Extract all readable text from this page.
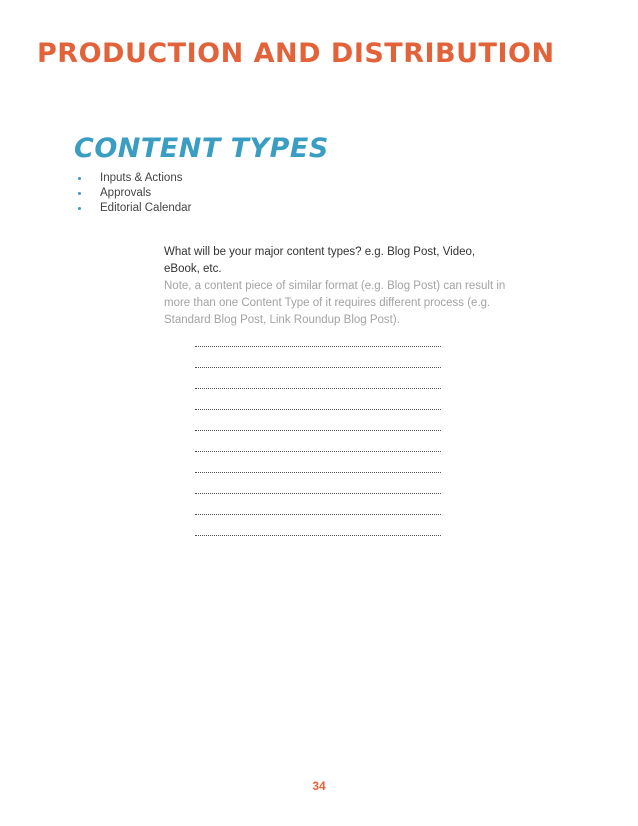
PRODUCTION AND DISTRIBUTION
CONTENT TYPES
Inputs & Actions
Approvals
Editorial Calendar
What will be your major content types? e.g. Blog Post, Video, eBook, etc.
Note, a content piece of similar format (e.g. Blog Post) can result in more than one Content Type of it requires different process (e.g. Standard Blog Post, Link Roundup Blog Post).
34
